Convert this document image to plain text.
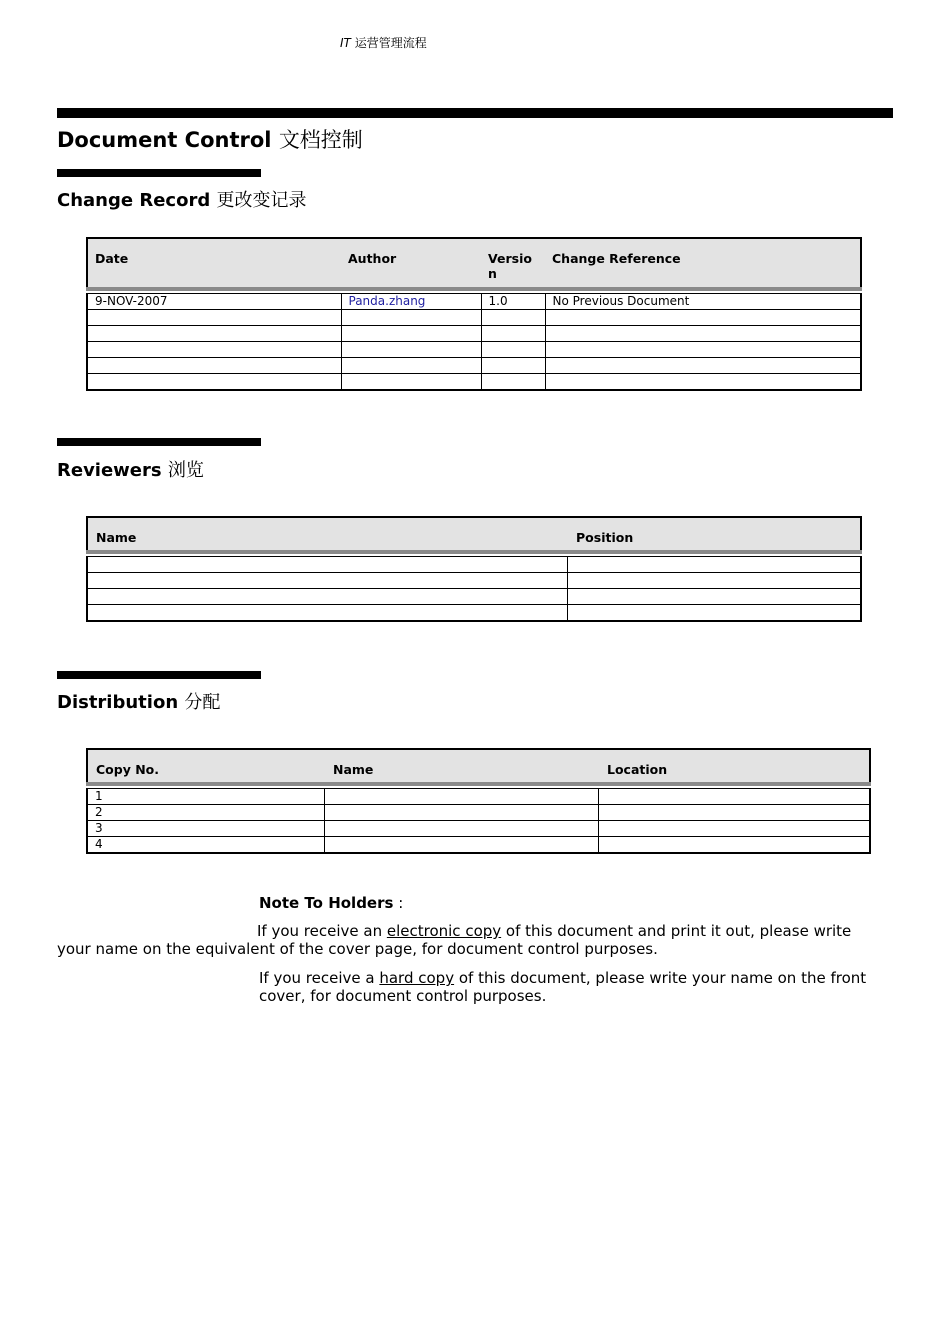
IT 运营管理流程
Document Control 文档控制
Change Record 更改变记录
Date	Author	Version	Change Reference

9-NOV-2007	Panda.zhang	1.0	No Previous Document

Reviewers 浏览
Name	Position

Distribution 分配
Copy No.	Name	Location

1		
2		
3		
4		
Note To Holders :
If you receive an electronic copy of this document and print it out, please write
your name on the equivalent of the cover page, for document control purposes.
If you receive a hard copy of this document, please write your name on the front cover, for document control purposes.
